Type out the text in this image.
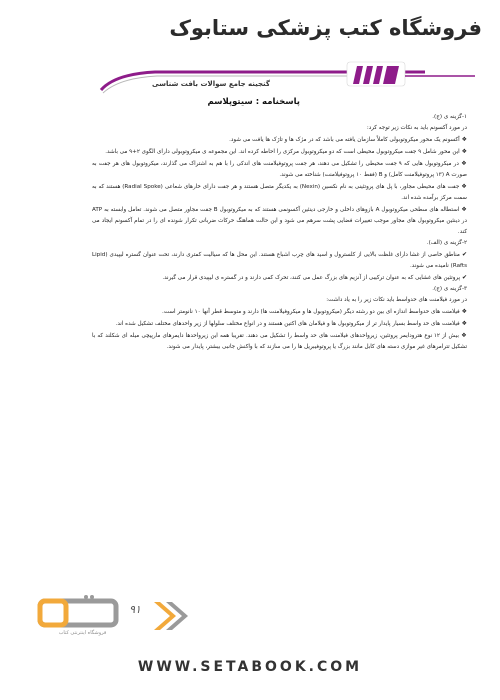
فروشگاه کتب پزشکی ستابوک
گنجینه جامع سوالات بافت شناسی
پاسخنامه : سیتوپلاسم

۱-گزینه ی (ج).

در مورد آکسونم باید به نکات زیر توجه کرد:

❖ آکسونم یک محور میکروتوبولی کاملاً سازمان یافته می باشد که در مژک ها و تاژک ها یافت می شود.

❖ این محور شامل ۹ جفت میکروتوبول محیطی است که دو میکروتوبول مرکزی را احاطه کرده اند. این مجموعه ی میکروتوبولی دارای الگوی ۲+۹ می باشد.

❖ در میکروتوبول هایی که ۹ جفت محیطی را تشکیل می دهند، هر جفت پروتوفیلامنت های اندکی را با هم به اشتراک می گذارند، میکروتوبول های هر جفت به صورت A (۱۳ پروتوفیلامنت کامل) و B (فقط ۱۰ پروتوفیلامنت) شناخته می شوند.

❖ جفت های محیطی مجاور، با پل های پروتئینی به نام نکسین (Nexin) به یکدیگر متصل هستند و هر جفت دارای خارهای شعاعی (Radial Spoke) هستند که به سمت مرکز برآمده شده اند.

❖ استطاله های سطحی میکروتوبول A بازوهای داخلی و خارجی دینئین آکسونمی هستند که به میکروتوبول B جفت مجاور متصل می شوند. تعامل وابسته به ATP در دینئین میکروتوبول های مجاور موجب تغییرات فضایی پشت سرهم می شود و این حالت هماهنگ حرکات ضربانی تکرار شونده ای را در تمام آکسونم ایجاد می کند.

۲-گزینه ی (الف).

✔ مناطق خاصی از غشا دارای غلظت بالایی از کلسترول و اسید های چرب اشباع هستند. این محل ها که سیالیت کمتری دارند، تحت عنوان گستره لیپیدی (Lipid Rafts) نامیده می شوند.

✔ پروتئین های غشایی که به عنوان ترکیبی از آنزیم های بزرگ عمل می کنند، تحرک کمی دارند و در گستره ی لیپیدی قرار می گیرند.

۳-گزینه ی (ج).

در مورد فیلامنت های حدواسط باید نکات زیر را به یاد داشت:

❖ فیلامنت های حدواسط اندازه ای بین دو رشته دیگر (میکروتوبول ها و میکروفیلامنت ها) دارند و متوسط قطر آنها ۱۰ نانومتر است.

❖ فیلامنت های حد واسط بسیار پایدار تر از میکروتوبول ها و فیلامان های اکتین هستند و در انواع مختلف سلولها از زیر واحدهای مختلف تشکیل شده اند.

❖ بیش از ۱۲ نوع هترودایمر پروتئین، زیرواحدهای فیلامنت های حد واسط را تشکیل می دهند. تقریبا همه این زیرواحدها دایمرهای مارپیچی میله ای شکلند که با تشکیل تترامرهای غیر موازی دسته های کابل مانند بزرگ یا پروتوفیبریل ها را می سازند که با واکنش جانبی بیشتر، پایدار می شوند.

۹۱
فروشگاه اینترنتی کتاب
WWW.SETABOOK.COM
